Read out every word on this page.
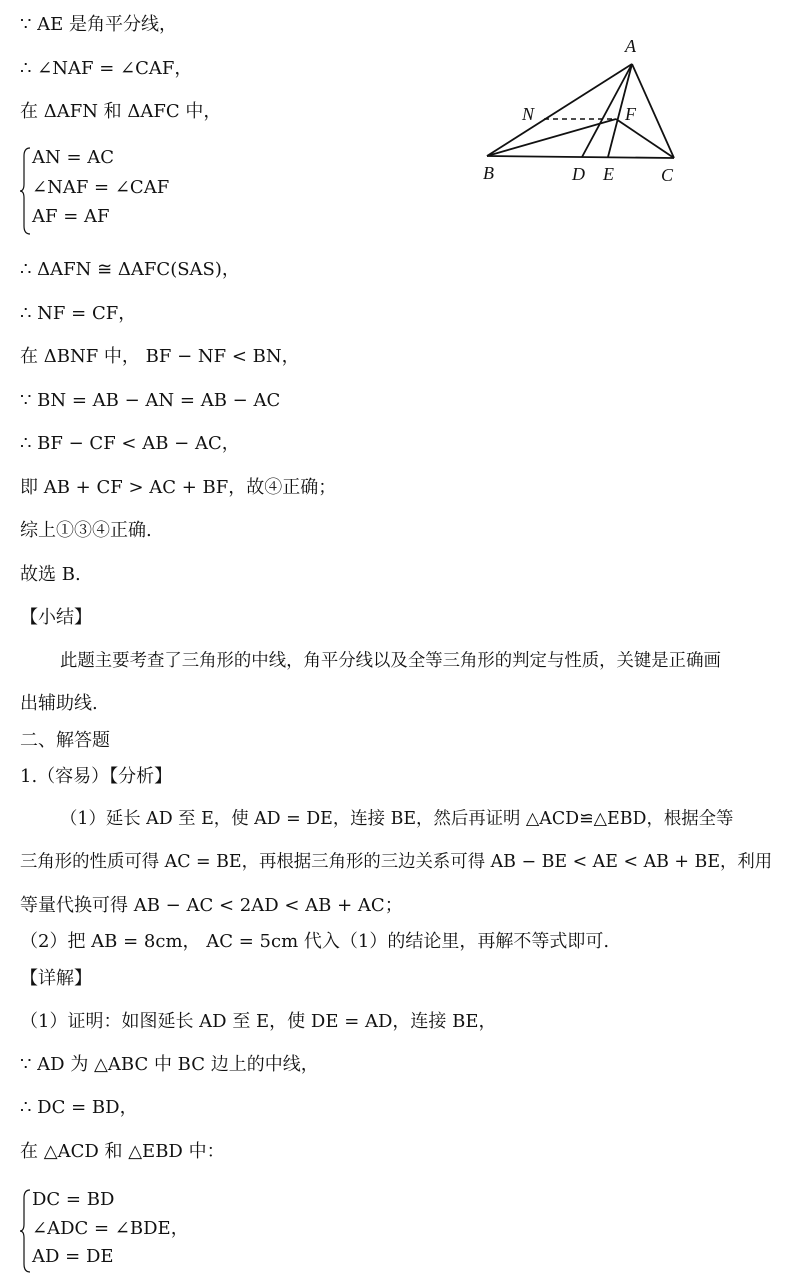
∵ AE 是角平分线，
∴ ∠NAF = ∠CAF，
在 ΔAFN 和 ΔAFC 中，
AN = AC
∠NAF = ∠CAF
AF = AF
∴ ΔAFN ≅ ΔAFC(SAS)，
∴ NF = CF，
在 ΔBNF 中， BF − NF < BN，
∵ BN = AB − AN = AB − AC
∴ BF − CF < AB − AC，
即 AB + CF > AC + BF，故④正确；
综上①③④正确.
故选 B.
【小结】
此题主要考查了三角形的中线，角平分线以及全等三角形的判定与性质，关键是正确画
出辅助线.
二、解答题
1.（容易）【分析】
（1）延长 AD 至 E，使 AD = DE，连接 BE，然后再证明 △ACD≌△EBD，根据全等
三角形的性质可得 AC = BE，再根据三角形的三边关系可得 AB − BE < AE < AB + BE，利用
等量代换可得 AB − AC < 2AD < AB + AC；
（2）把 AB = 8cm， AC = 5cm 代入（1）的结论里，再解不等式即可.
【详解】
（1）证明：如图延长 AD 至 E，使 DE = AD，连接 BE，
∵ AD 为 △ABC 中 BC 边上的中线，
∴ DC = BD，
在 △ACD 和 △EBD 中：
DC = BD
∠ADC = ∠BDE，
AD = DE
A
N	F
B	D E	C
